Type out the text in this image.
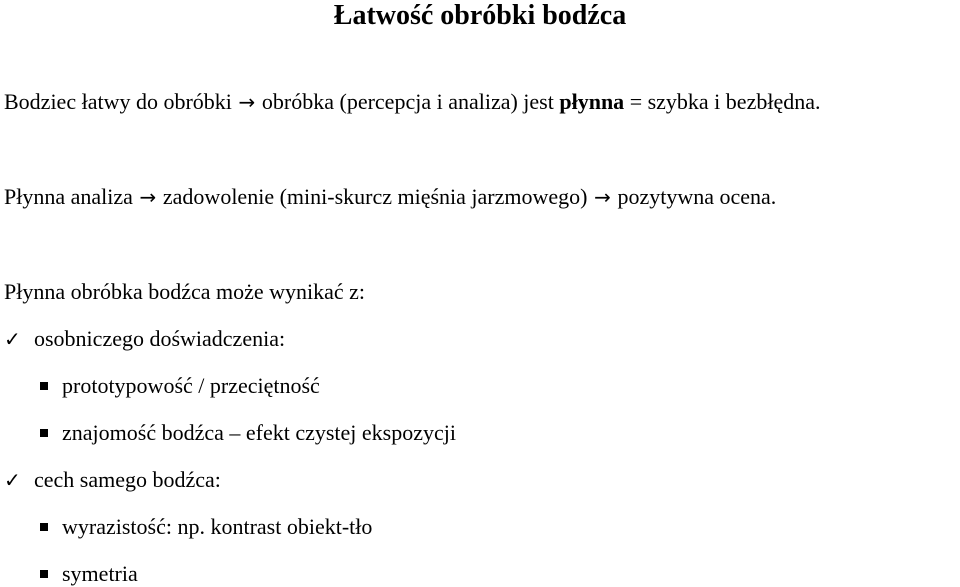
Łatwość obróbki bodźca
Bodziec łatwy do obróbki → obróbka (percepcja i analiza) jest płynna = szybka i bezbłędna.
Płynna analiza → zadowolenie (mini-skurcz mięśnia jarzmowego) → pozytywna ocena.
Płynna obróbka bodźca może wynikać z:
✓ osobniczego doświadczenia:
prototypowość / przeciętność
znajomość bodźca – efekt czystej ekspozycji
✓ cech samego bodźca:
wyrazistość: np. kontrast obiekt-tło
symetria
